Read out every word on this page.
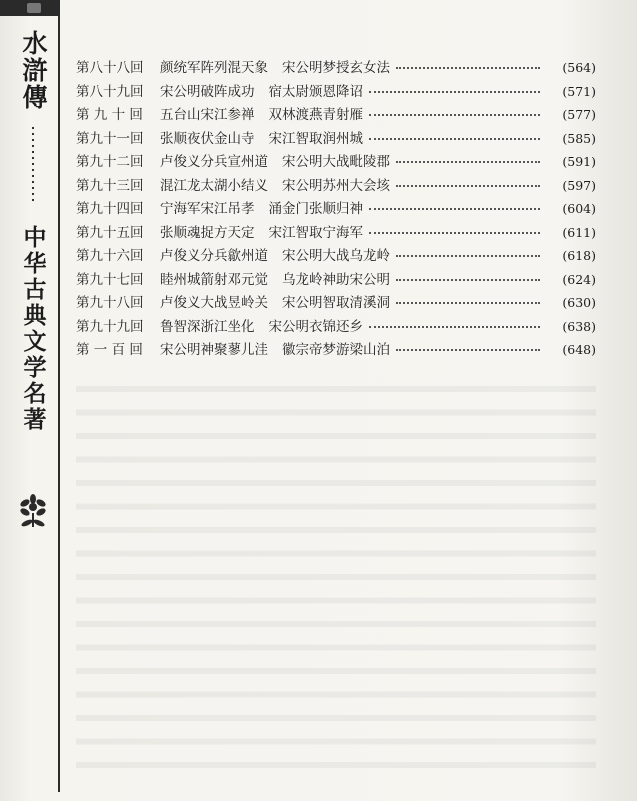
水滸傳
中华古典文学名著
第八十八回	颜统军阵列混天象 宋公明梦授玄女法	(564)
第八十九回	宋公明破阵成功 宿太尉颁恩降诏	(571)
第 九 十 回	五台山宋江参禅 双林渡燕青射雁	(577)
第九十一回	张顺夜伏金山寺 宋江智取润州城	(585)
第九十二回	卢俊义分兵宣州道 宋公明大战毗陵郡	(591)
第九十三回	混江龙太湖小结义 宋公明苏州大会垓	(597)
第九十四回	宁海军宋江吊孝 涌金门张顺归神	(604)
第九十五回	张顺魂捉方天定 宋江智取宁海军	(611)
第九十六回	卢俊义分兵歙州道 宋公明大战乌龙岭	(618)
第九十七回	睦州城箭射邓元觉 乌龙岭神助宋公明	(624)
第九十八回	卢俊义大战昱岭关 宋公明智取清溪洞	(630)
第九十九回	鲁智深浙江坐化 宋公明衣锦还乡	(638)
第 一 百 回	宋公明神聚蓼儿洼 徽宗帝梦游梁山泊	(648)
